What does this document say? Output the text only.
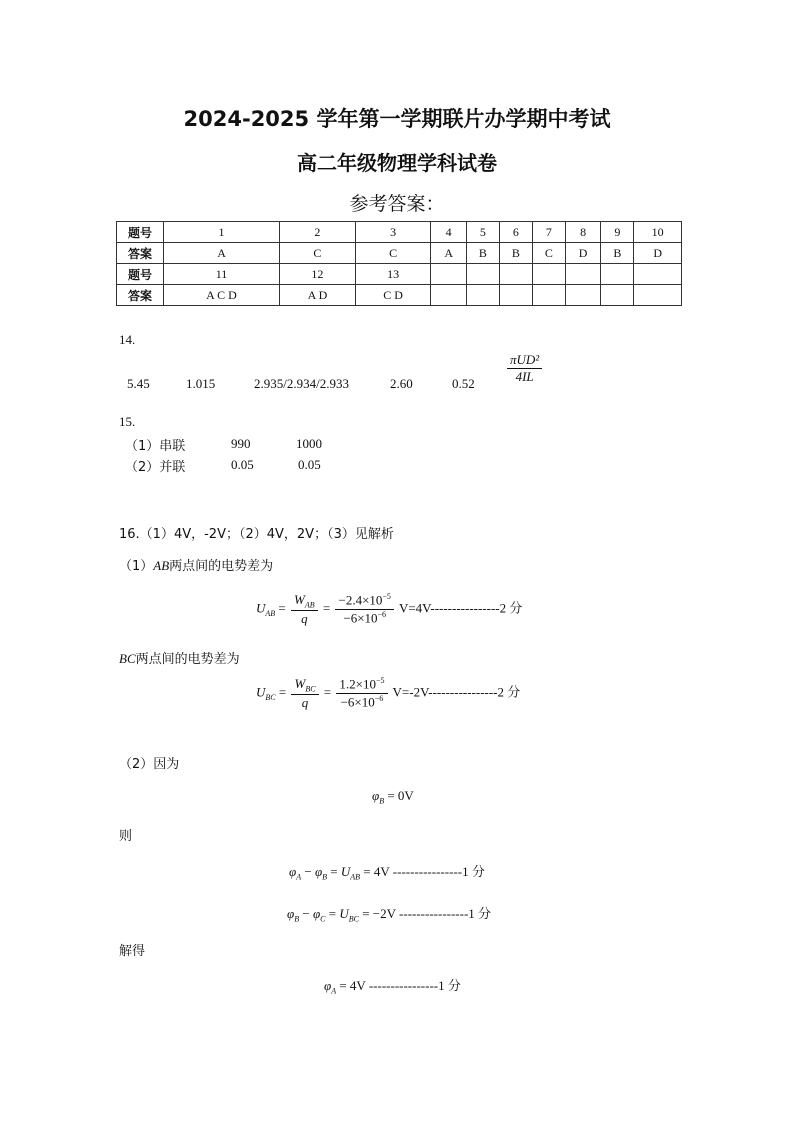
2024-2025 学年第一学期联片办学期中考试
高二年级物理学科试卷
参考答案：
题号	1	2	3	4	5	6	7	8	9	10
答案	A	C	C	A	B	B	C	D	B	D
题号	11	12	13							
答案	A C D	A D	C D							
14.
5.45	1.015	2.935/2.934/2.933	2.60	$0.52 \frac{\text{πUD²}}{4IL}$
15.
（1）串联	990	1000
（2）并联	0.05	0.05
16.（1）4V，-2V；（2）4V，2V；（3）见解析
（1）AB两点间的电势差为
$U_{AB} = \frac{W_{AB}}{q} = \frac{-2.4\times 10^{-5}}{-6\times 10^{-6}} V=4V----------------2$ 分
BC两点间的电势差为
$U_{BC} = \frac{W_{BC}}{q} = \frac{1.2\times 10^{-5}}{-6\times 10^{-6}} V=-2V----------------2$ 分
（2）因为
$\varphi_B = 0V$
则
$\varphi_A - \varphi_B = U_{AB} = 4V$ ----------------1 分
$\varphi_B - \varphi_C = U_{BC} = -2V$ ----------------1 分
解得
$\varphi_A = 4V$ ----------------1 分
